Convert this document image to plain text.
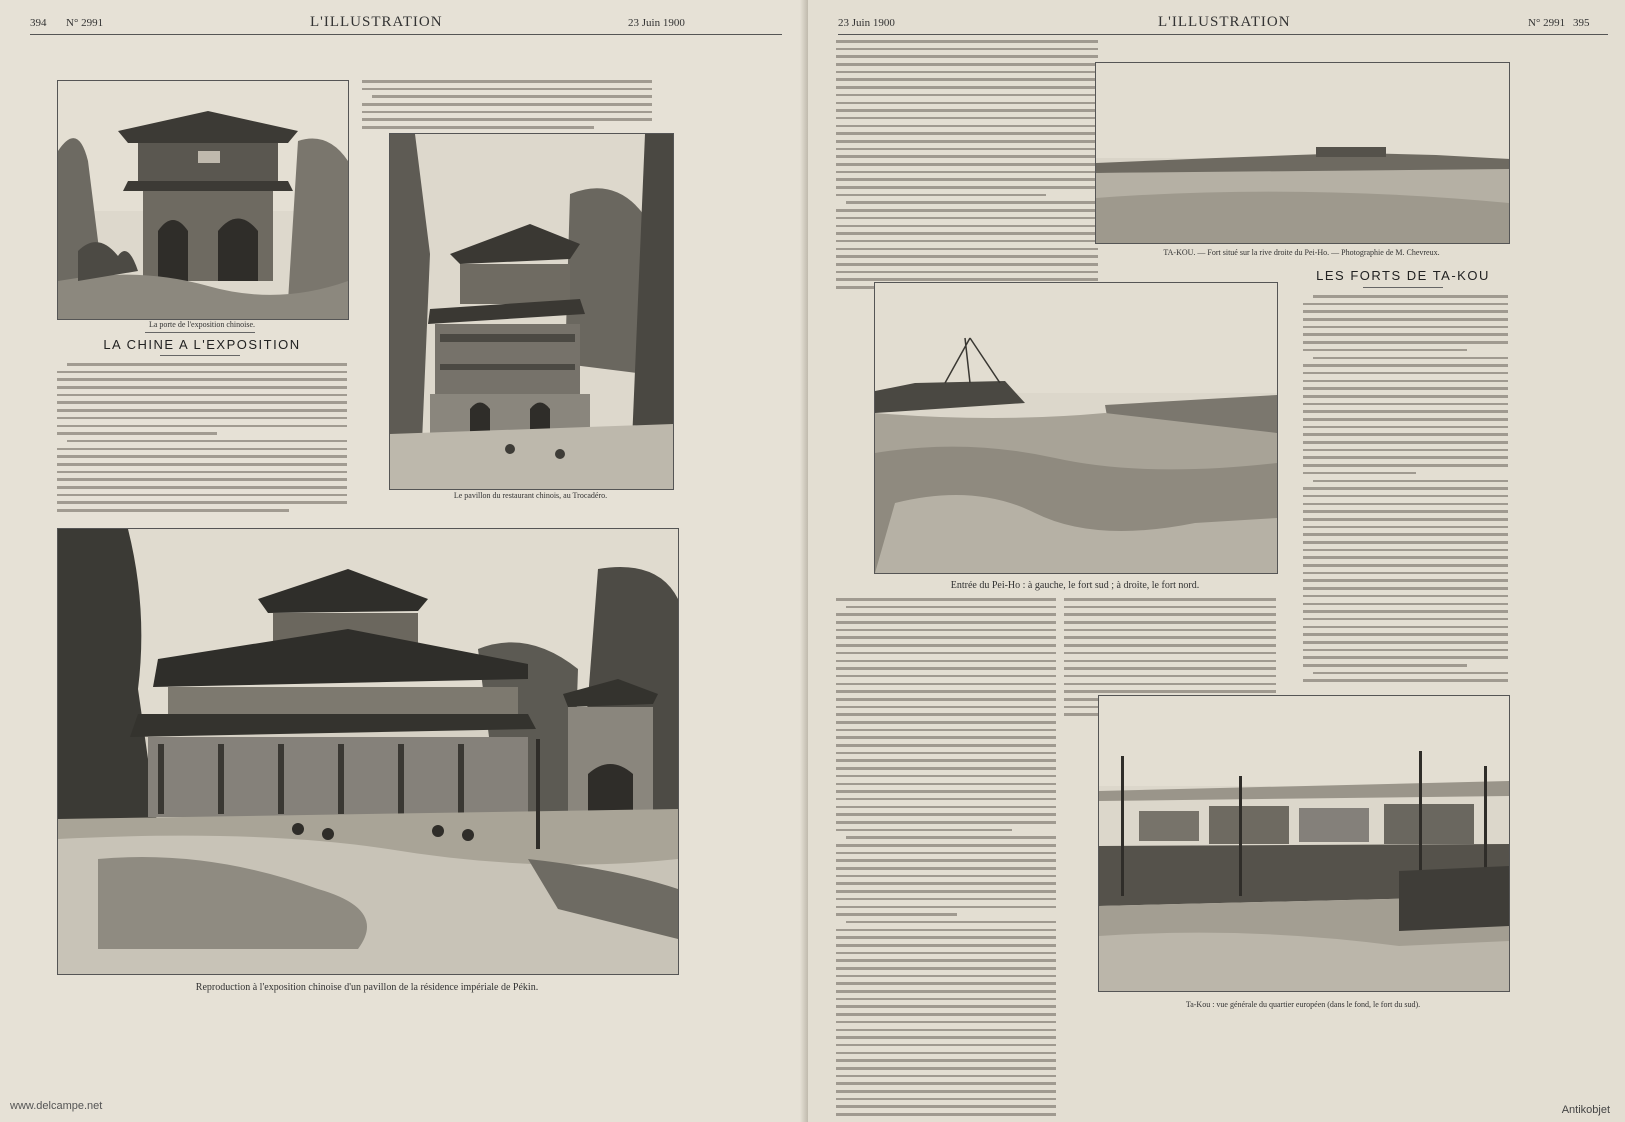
394 N° 2991	L'ILLUSTRATION	23 Juin 1900
La porte de l'exposition chinoise.
LA CHINE A L'EXPOSITION
Le pavillon du restaurant chinois, au Trocadéro.
Reproduction à l'exposition chinoise d'un pavillon de la résidence impériale de Pékin.
www.delcampe.net
23 Juin 1900	L'ILLUSTRATION	N° 2991 395
TA-KOU. — Fort situé sur la rive droite du Pei-Ho. — Photographie de M. Chevreux.
Entrée du Pei-Ho : à gauche, le fort sud ; à droite, le fort nord.
LES FORTS DE TA-KOU
Ta-Kou : vue générale du quartier européen (dans le fond, le fort du sud).
Antikobjet
